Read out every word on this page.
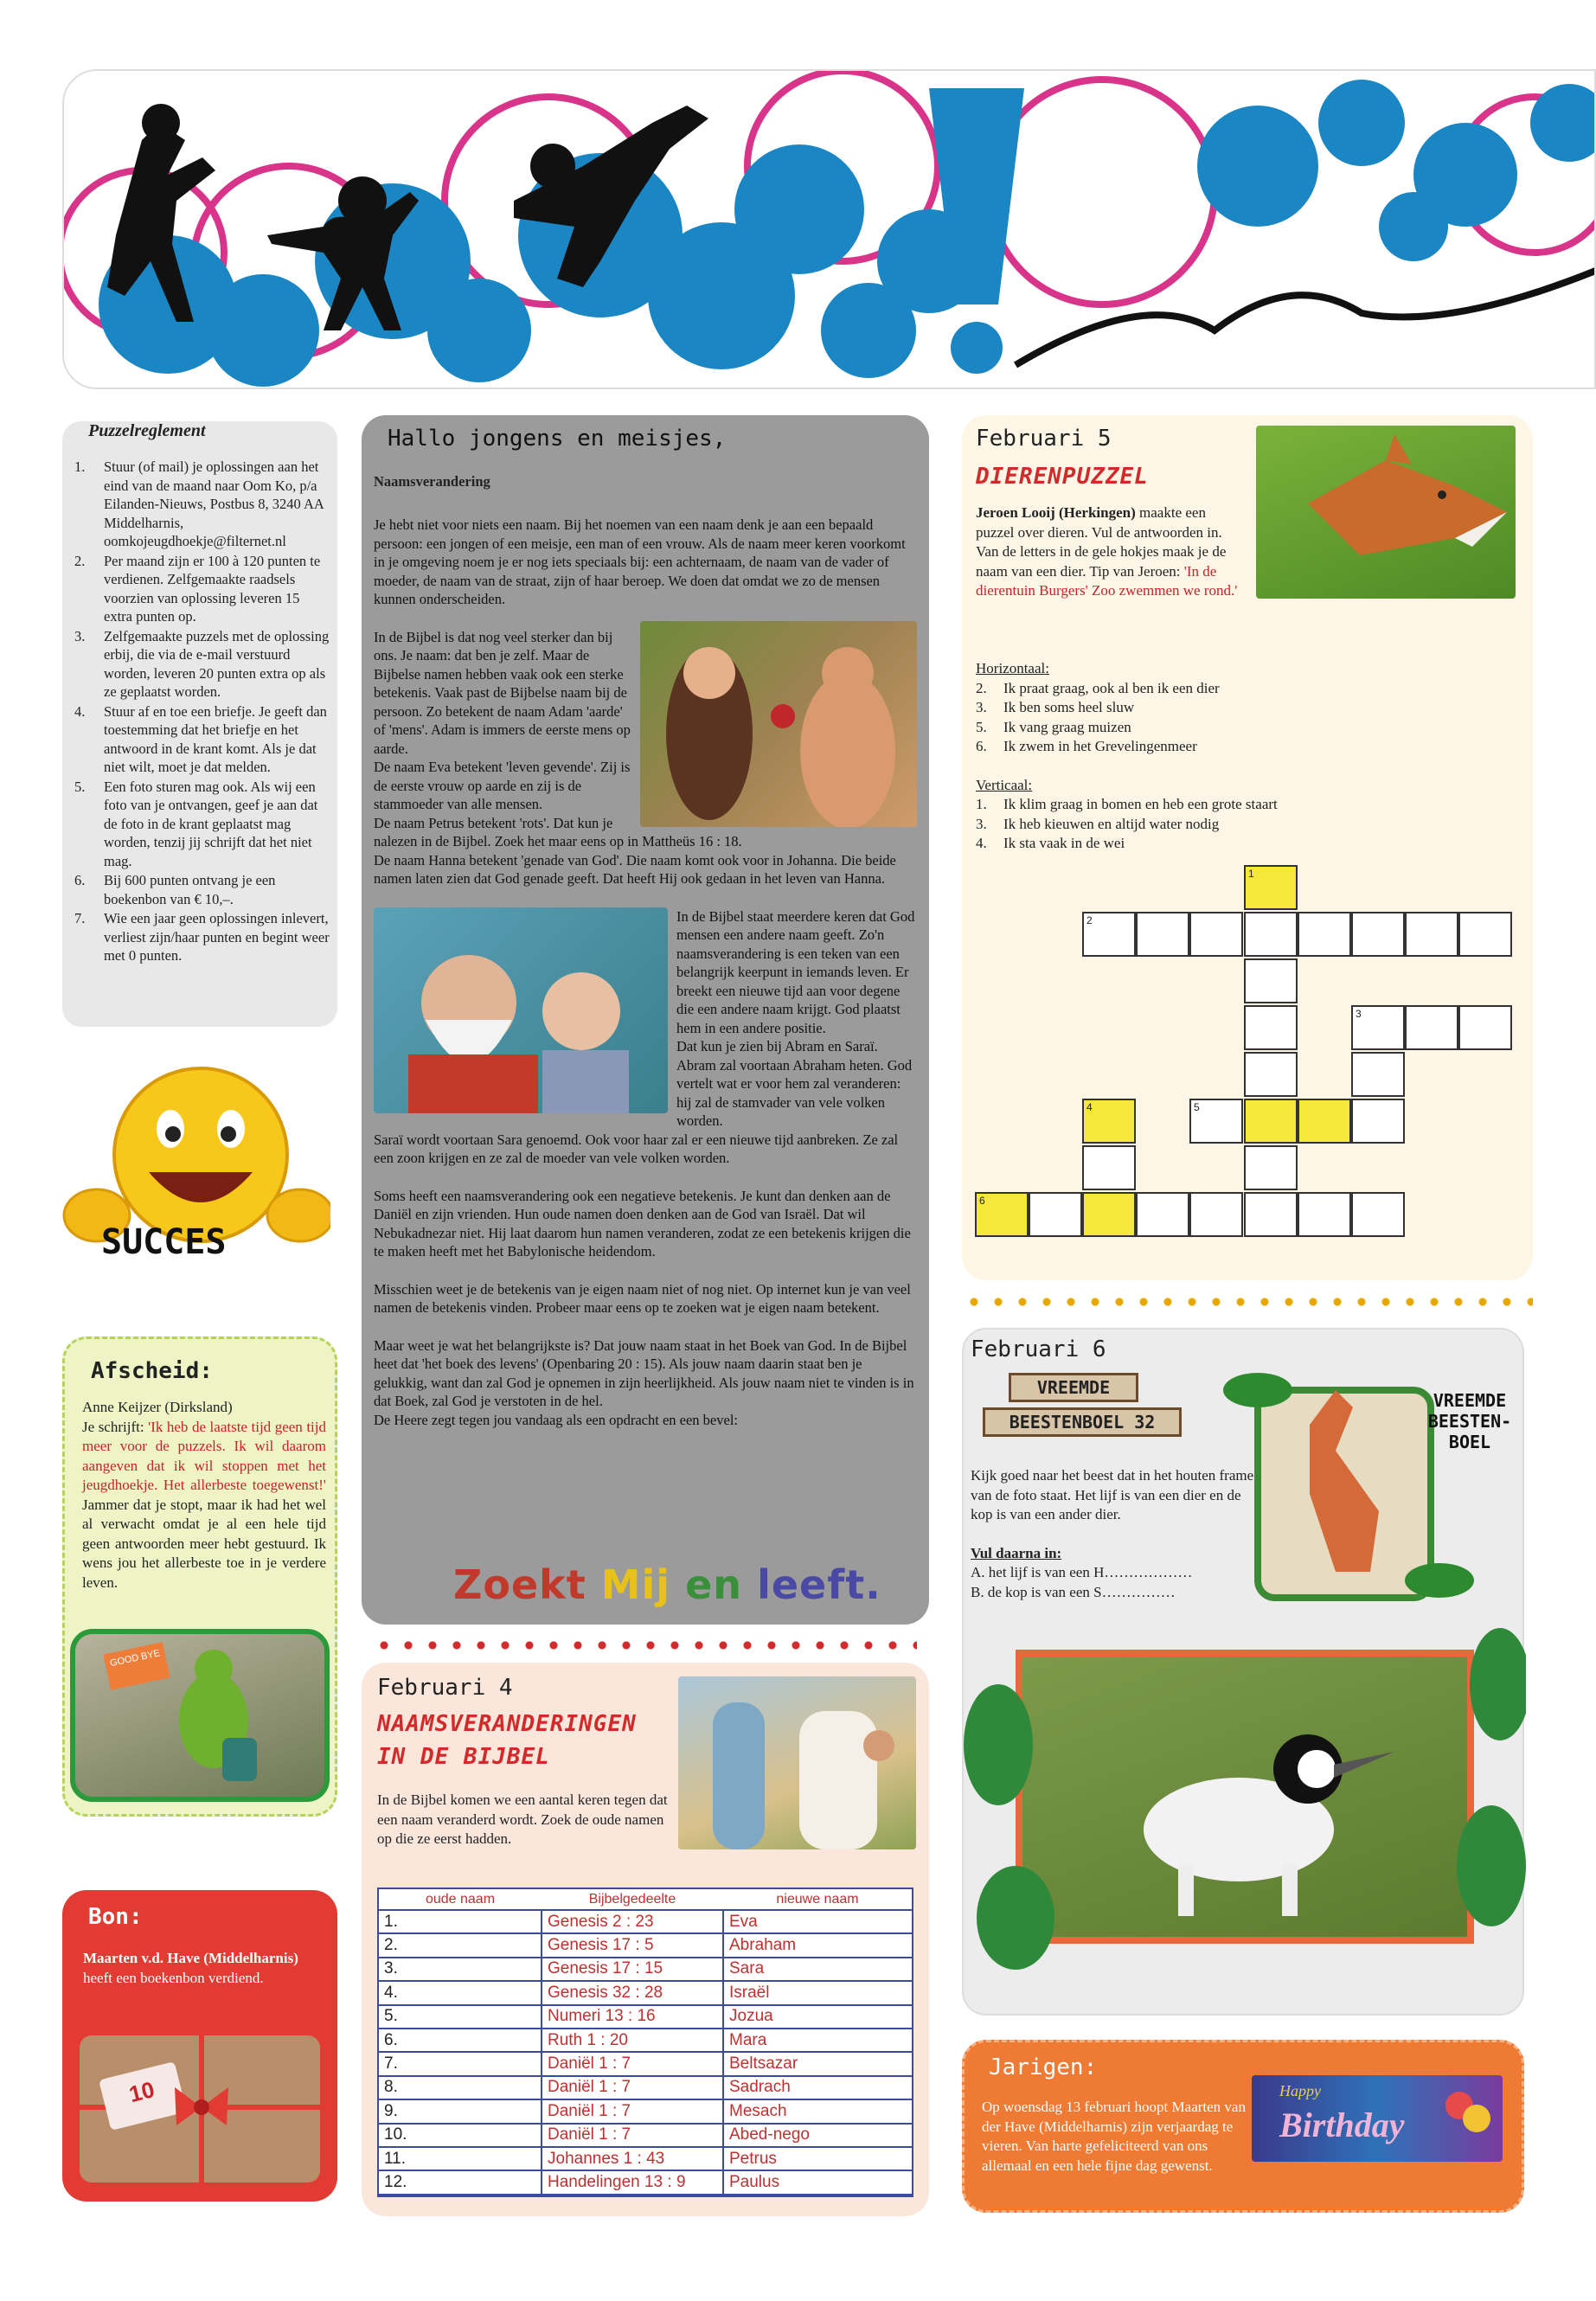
Puzzelreglement
1.	Stuur (of mail) je oplossingen aan het eind van de maand naar Oom Ko, p/a Eilanden-Nieuws, Postbus 8, 3240 AA Middelharnis, oomkojeugdhoekje@filternet.nl
2.	Per maand zijn er 100 à 120 punten te verdienen. Zelfgemaakte raadsels voorzien van oplossing leveren 15 extra punten op.
3.	Zelfgemaakte puzzels met de oplossing erbij, die via de e-mail verstuurd worden, leveren 20 punten extra op als ze geplaatst worden.
4.	Stuur af en toe een briefje. Je geeft dan toestemming dat het briefje en het antwoord in de krant komt. Als je dat niet wilt, moet je dat melden.
5.	Een foto sturen mag ook. Als wij een foto van je ontvangen, geef je aan dat de foto in de krant geplaatst mag worden, tenzij jij schrijft dat het niet mag.
6.	Bij 600 punten ontvang je een boekenbon van € 10,–.
7.	Wie een jaar geen oplossingen inlevert, verliest zijn/haar punten en begint weer met 0 punten.
SUCCES
Afscheid:
Anne Keijzer (Dirksland)
Je schrijft: 'Ik heb de laatste tijd geen tijd meer voor de puzzels. Ik wil daarom aangeven dat ik wil stoppen met het jeugdhoekje. Het allerbeste toegewenst!' Jammer dat je stopt, maar ik had het wel al verwacht omdat je al een hele tijd geen antwoorden meer hebt gestuurd. Ik wens jou het allerbeste toe in je verdere leven.
GOOD BYE
Bon:
Maarten v.d. Have (Middelharnis) heeft een boekenbon verdiend.
10
Hallo jongens en meisjes,
Naamsverandering

Je hebt niet voor niets een naam. Bij het noemen van een naam denk je aan een bepaald persoon: een jongen of een meisje, een man of een vrouw. Als de naam meer keren voorkomt in je omgeving noem je er nog iets speciaals bij: een achternaam, de naam van de vader of moeder, de naam van de straat, zijn of haar beroep. We doen dat omdat we zo de mensen kunnen onderscheiden.

In de Bijbel is dat nog veel sterker dan bij ons. Je naam: dat ben je zelf. Maar de Bijbelse namen hebben vaak ook een sterke betekenis. Vaak past de Bijbelse naam bij de persoon. Zo betekent de naam Adam 'aarde' of 'mens'. Adam is immers de eerste mens op aarde.

De naam Eva betekent 'leven gevende'. Zij is de eerste vrouw op aarde en zij is de stammoeder van alle mensen.

De naam Petrus betekent 'rots'. Dat kun je nalezen in de Bijbel. Zoek het maar eens op in Mattheüs 16 : 18.

De naam Hanna betekent 'genade van God'. Die naam komt ook voor in Johanna. Die beide namen laten zien dat God genade geeft. Dat heeft Hij ook gedaan in het leven van Hanna.

In de Bijbel staat meerdere keren dat God mensen een andere naam geeft. Zo'n naamsverandering is een teken van een belangrijk keerpunt in iemands leven. Er breekt een nieuwe tijd aan voor degene die een andere naam krijgt. God plaatst hem in een andere positie.

Dat kun je zien bij Abram en Saraï. Abram zal voortaan Abraham heten. God vertelt wat er voor hem zal veranderen: hij zal de stamvader van vele volken worden.

Saraï wordt voortaan Sara genoemd. Ook voor haar zal er een nieuwe tijd aanbreken. Ze zal een zoon krijgen en ze zal de moeder van vele volken worden.

Soms heeft een naamsverandering ook een negatieve betekenis. Je kunt dan denken aan de Daniël en zijn vrienden. Hun oude namen doen denken aan de God van Israël. Dat wil Nebukadnezar niet. Hij laat daarom hun namen veranderen, zodat ze een betekenis krijgen die te maken heeft met het Babylonische heidendom.

Misschien weet je de betekenis van je eigen naam niet of nog niet. Op internet kun je van veel namen de betekenis vinden. Probeer maar eens op te zoeken wat je eigen naam betekent.

Maar weet je wat het belangrijkste is? Dat jouw naam staat in het Boek van God. In de Bijbel heet dat 'het boek des levens' (Openbaring 20 : 15). Als jouw naam daarin staat ben je gelukkig, want dan zal God je opnemen in zijn heerlijkheid. Als jouw naam niet te vinden is in dat Boek, zal God je verstoten in de hel.

De Heere zegt tegen jou vandaag als een opdracht en een bevel:

Zoekt Mij en leeft.
Februari 4
NAAMSVERANDERINGEN
IN DE BIJBEL
In de Bijbel komen we een aantal keren tegen dat een naam veranderd wordt. Zoek de oude namen op die ze eerst hadden.
oude naam	Bijbelgedeelte	nieuwe naam
1.	Genesis 2 : 23	Eva
2.	Genesis 17 : 5	Abraham
3.	Genesis 17 : 15	Sara
4.	Genesis 32 : 28	Israël
5.	Numeri 13 : 16	Jozua
6.	Ruth 1 : 20	Mara
7.	Daniël 1 : 7	Beltsazar
8.	Daniël 1 : 7	Sadrach
9.	Daniël 1 : 7	Mesach
10.	Daniël 1 : 7	Abed-nego
11.	Johannes 1 : 43	Petrus
12.	Handelingen 13 : 9	Paulus
Februari 5
DIERENPUZZEL
Jeroen Looij (Herkingen) maakte een puzzel over dieren. Vul de antwoorden in. Van de letters in de gele hokjes maak je de naam van een dier. Tip van Jeroen: 'In de dierentuin Burgers' Zoo zwemmen we rond.'
Horizontaal:
2. Ik praat graag, ook al ben ik een dier
3. Ik ben soms heel sluw
5. Ik vang graag muizen
6. Ik zwem in het Grevelingenmeer
Verticaal:
1. Ik klim graag in bomen en heb een grote staart
3. Ik heb kieuwen en altijd water nodig
4. Ik sta vaak in de wei
1
2
3
4	5
6
Februari 6
VREEMDE
BEESTENBOEL 32
VREEMDE
BEESTEN-
BOEL

Kijk goed naar het beest dat in het houten frame van de foto staat. Het lijf is van een dier en de kop is van een ander dier.

Vul daarna in:

A. het lijf is van een H………………

B. de kop is van een S……………

Jarigen:
Op woensdag 13 februari hoopt Maarten van der Have (Middelharnis) zijn verjaardag te vieren. Van harte gefeliciteerd van ons allemaal en een hele fijne dag gewenst.
Happy
Birthday
